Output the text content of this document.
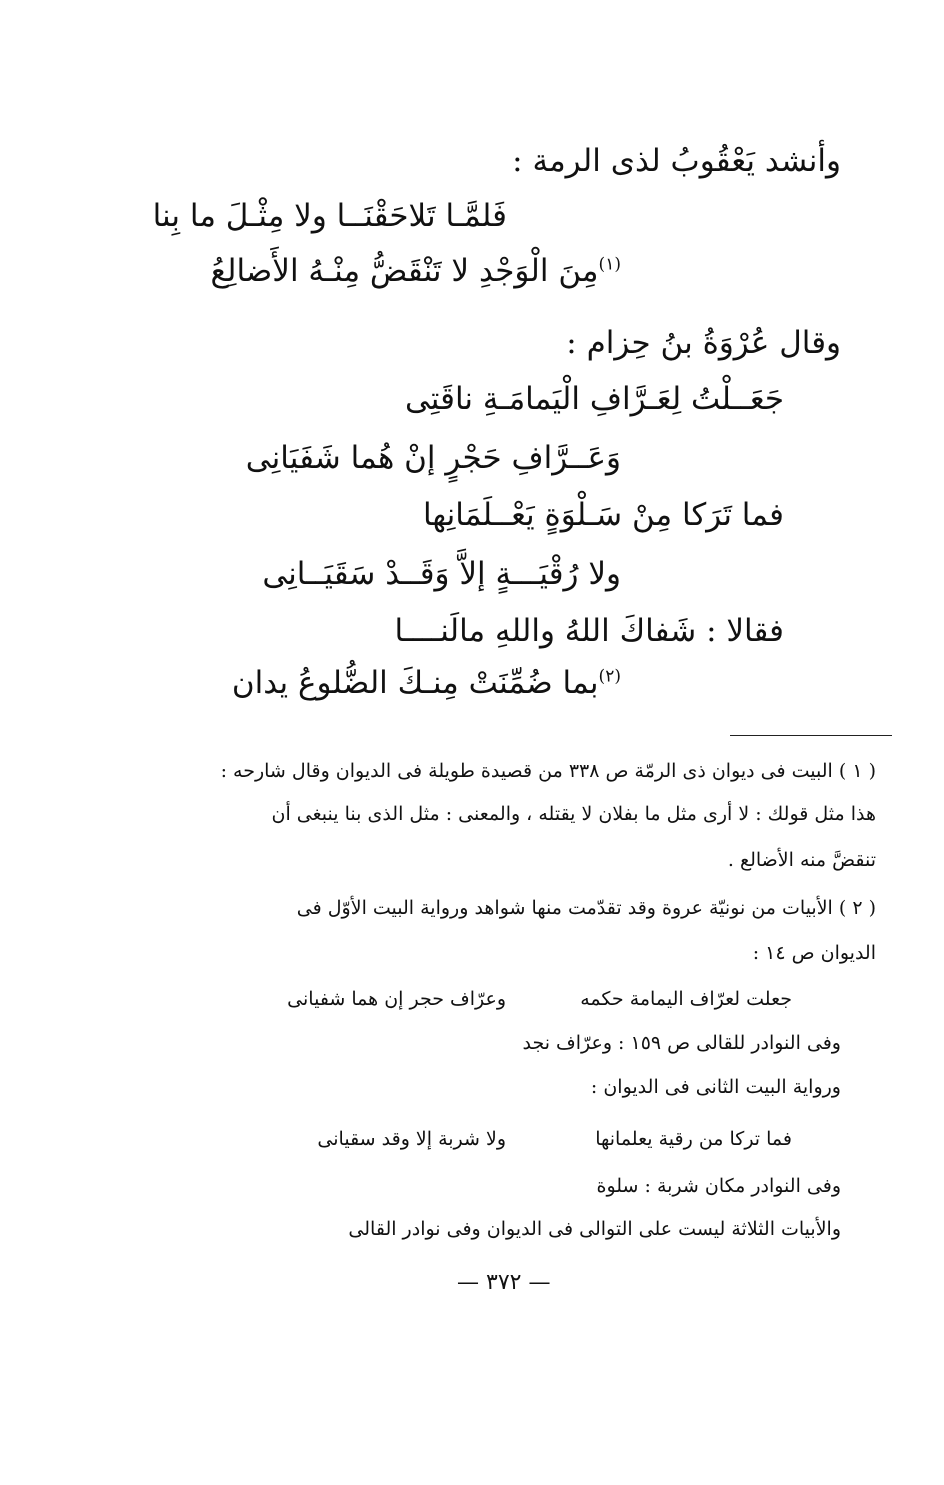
وأنشد يَعْقُوبُ لذى الرمة :
فَلمَّـا تَلاحَقْنَــا ولا مِثْـلَ ما بِنا
$^{(١)}$مِنَ الْوَجْدِ لا تَنْقَضُّ مِنْـهُ الأَضالِعُ
وقال عُرْوَةُ بنُ حِزام :
جَعَــلْتُ لِعَـرَّافِ الْيَمامَـةِ ناقَتِى
وَعَــرَّافِ حَجْرٍ إنْ هُما شَفَيَانِى
فما تَرَكا مِنْ سَـلْوَةٍ يَعْــلَمَانِها
ولا رُقْيَـــةٍ إلاَّ وَقَــدْ سَقَيَــانِى
فقالا : شَفاكَ اللهُ واللهِ مالَنــــا
$^{(٢)}$بما ضُمِّنَتْ مِنـكَ الضُّلوعُ يدان
( ١ ) البيت فى ديوان ذى الرمّة ص ٣٣٨ من قصيدة طويلة فى الديوان وقال شارحه :
هذا مثل قولك : لا أرى مثل ما بفلان لا يقتله ، والمعنى : مثل الذى بنا ينبغى أن
تنقضَّ منه الأضالع .
( ٢ ) الأبيات من نونيّة عروة وقد تقدّمت منها شواهد ورواية البيت الأوّل فى
الديوان ص ١٤ :
جعلت لعرّاف اليمامة حكمه
وعرّاف حجر إن هما شفيانى
وفى النوادر للقالى ص ١٥٩ : وعرّاف نجد
ورواية البيت الثانى فى الديوان :
فما تركا من رقية يعلمانها
ولا شربة إلا وقد سقيانى
وفى النوادر مكان شربة : سلوة
والأبيات الثلاثة ليست على التوالى فى الديوان وفى نوادر القالى
— ٣٧٢ —
